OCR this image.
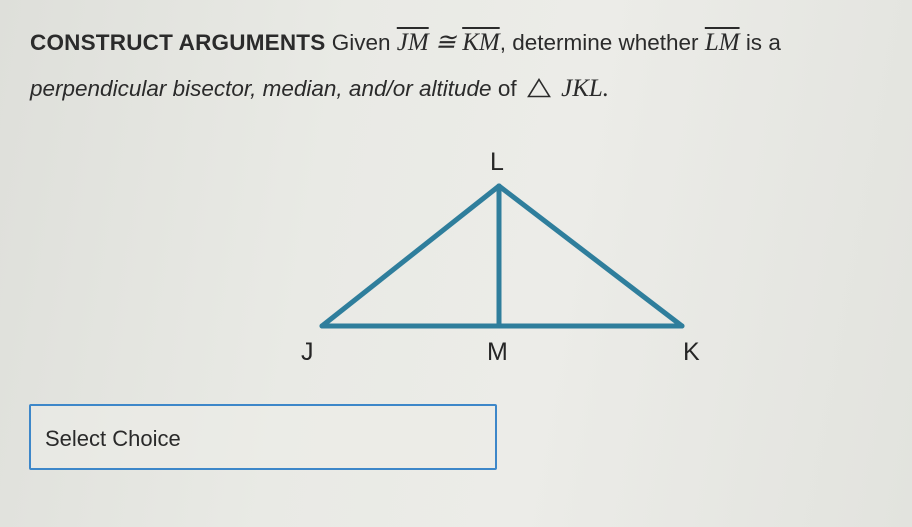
CONSTRUCT ARGUMENTS Given $\overline{JM}$ ≅ $\overline{KM}$, determine whether $\overline{LM}$ is a
perpendicular bisector, median, and/or altitude of JKL.
L
J	M	K
Select Choice
